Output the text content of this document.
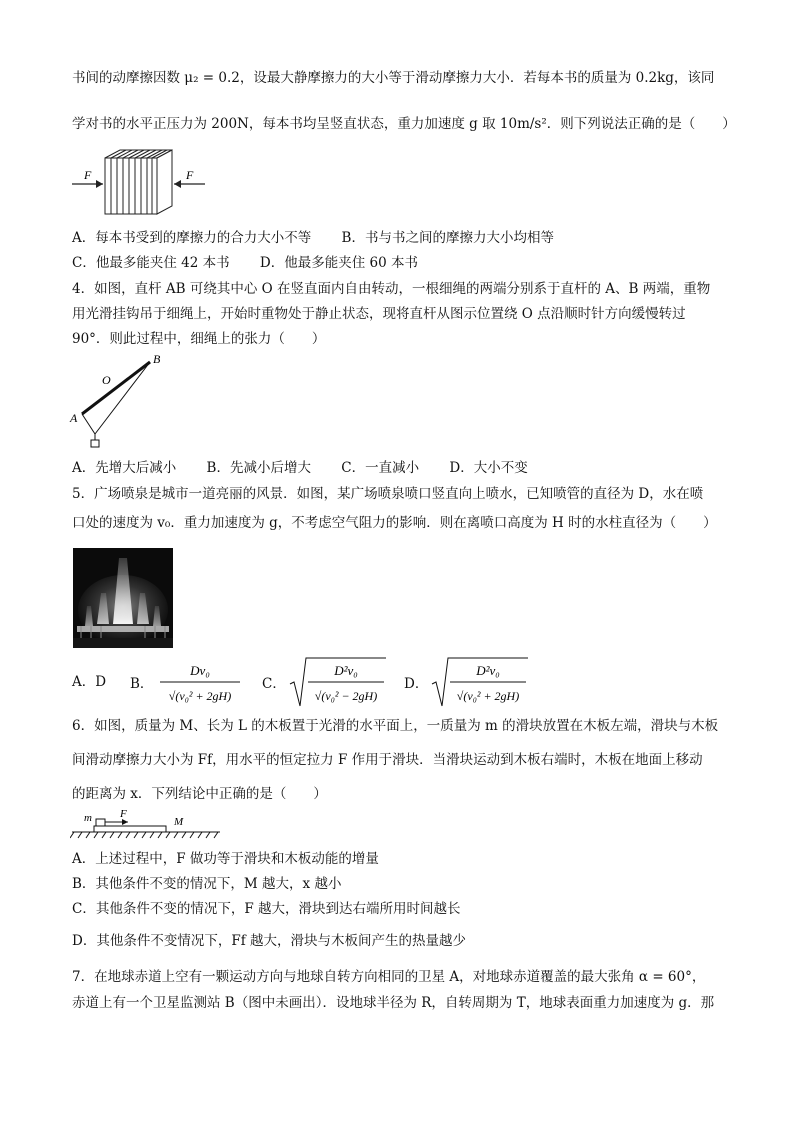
书间的动摩擦因数 μ₂ = 0.2，设最大静摩擦力的大小等于滑动摩擦力大小．若每本书的质量为 0.2kg，该同
学对书的水平正压力为 200N，每本书均呈竖直状态，重力加速度 g 取 10m/s²．则下列说法正确的是（　　）
F	F
A．每本书受到的摩擦力的合力大小不等 B．书与书之间的摩擦力大小均相等
C．他最多能夹住 42 本书 D．他最多能夹住 60 本书
4．如图，直杆 AB 可绕其中心 O 在竖直面内自由转动，一根细绳的两端分别系于直杆的 A、B 两端，重物
用光滑挂钩吊于细绳上，开始时重物处于静止状态，现将直杆从图示位置绕 O 点沿顺时针方向缓慢转过
90°．则此过程中，细绳上的张力（　　）
B
O
A
A．先增大后减小 B．先减小后增大 C．一直减小 D．大小不变
5．广场喷泉是城市一道亮丽的风景．如图，某广场喷泉喷口竖直向上喷水，已知喷管的直径为 D，水在喷
口处的速度为 v₀．重力加速度为 g，不考虑空气阻力的影响．则在离喷口高度为 H 时的水柱直径为（　　）
A．D B．
Dv₀
√(v₀² + 2gH)
C．
D²v₀
√(v₀² − 2gH)
D．
D²v₀
√(v₀² + 2gH)
6．如图，质量为 M、长为 L 的木板置于光滑的水平面上，一质量为 m 的滑块放置在木板左端，滑块与木板
间滑动摩擦力大小为 Ff，用水平的恒定拉力 F 作用于滑块．当滑块运动到木板右端时，木板在地面上移动
的距离为 x．下列结论中正确的是（　　）
m	F
M
A．上述过程中，F 做功等于滑块和木板动能的增量
B．其他条件不变的情况下，M 越大，x 越小
C．其他条件不变的情况下，F 越大，滑块到达右端所用时间越长
D．其他条件不变情况下，Ff 越大，滑块与木板间产生的热量越少
7．在地球赤道上空有一颗运动方向与地球自转方向相同的卫星 A，对地球赤道覆盖的最大张角 α = 60°，
赤道上有一个卫星监测站 B（图中未画出）．设地球半径为 R，自转周期为 T，地球表面重力加速度为 g．那
